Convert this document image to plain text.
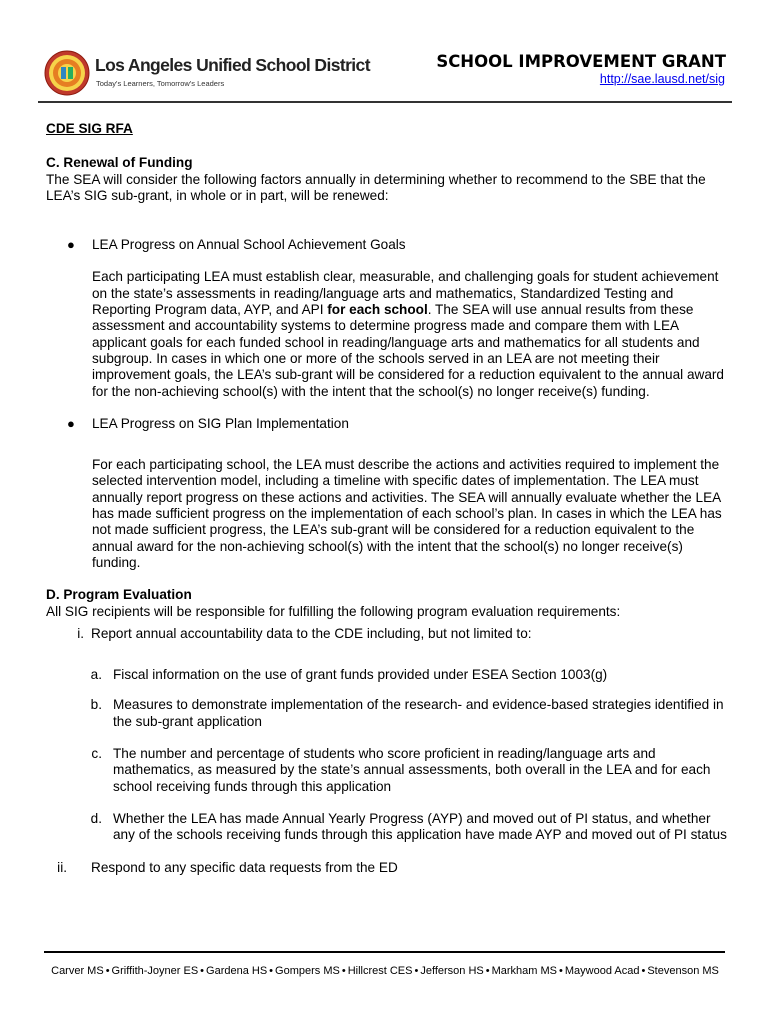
Los Angeles Unified School District
Today's Learners, Tomorrow's Leaders
SCHOOL IMPROVEMENT GRANT
http://sae.lausd.net/sig

CDE SIG RFA

C. Renewal of Funding

The SEA will consider the following factors annually in determining whether to recommend to the SBE that the LEA’s SIG sub-grant, in whole or in part, will be renewed:

● LEA Progress on Annual School Achievement Goals

Each participating LEA must establish clear, measurable, and challenging goals for student achievement on the state’s assessments in reading/language arts and mathematics, Standardized Testing and Reporting Program data, AYP, and API for each school. The SEA will use annual results from these assessment and accountability systems to determine progress made and compare them with LEA applicant goals for each funded school in reading/language arts and mathematics for all students and subgroup. In cases in which one or more of the schools served in an LEA are not meeting their improvement goals, the LEA’s sub-grant will be considered for a reduction equivalent to the annual award for the non-achieving school(s) with the intent that the school(s) no longer receive(s) funding.

● LEA Progress on SIG Plan Implementation

For each participating school, the LEA must describe the actions and activities required to implement the selected intervention model, including a timeline with specific dates of implementation. The LEA must annually report progress on these actions and activities. The SEA will annually evaluate whether the LEA has made sufficient progress on the implementation of each school’s plan. In cases in which the LEA has not made sufficient progress, the LEA’s sub-grant will be considered for a reduction equivalent to the annual award for the non-achieving school(s) with the intent that the school(s) no longer receive(s) funding.

D. Program Evaluation

All SIG recipients will be responsible for fulfilling the following program evaluation requirements:

i. Report annual accountability data to the CDE including, but not limited to:
a. Fiscal information on the use of grant funds provided under ESEA Section 1003(g)
b. Measures to demonstrate implementation of the research- and evidence-based strategies identified in the sub-grant application
c. The number and percentage of students who score proficient in reading/language arts and mathematics, as measured by the state’s annual assessments, both overall in the LEA and for each school receiving funds through this application
d. Whether the LEA has made Annual Yearly Progress (AYP) and moved out of PI status, and whether any of the schools receiving funds through this application have made AYP and moved out of PI status
ii. Respond to any specific data requests from the ED
Carver MS • Griffith-Joyner ES • Gardena HS • Gompers MS • Hillcrest CES • Jefferson HS • Markham MS • Maywood Acad • Stevenson MS
